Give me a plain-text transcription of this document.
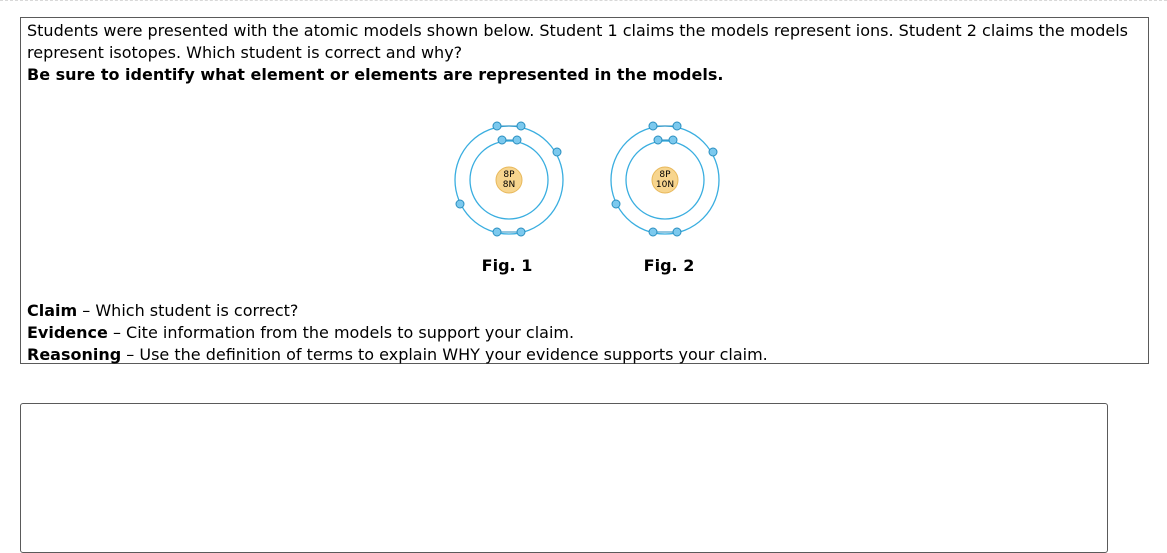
Students were presented with the atomic models shown below. Student 1 claims the models represent ions. Student 2 claims the models represent isotopes. Which student is correct and why?
Be sure to identify what element or elements are represented in the models.
8P
8N
Fig. 1
8P
10N
Fig. 2
Claim – Which student is correct?
Evidence – Cite information from the models to support your claim.
Reasoning – Use the definition of terms to explain WHY your evidence supports your claim.
